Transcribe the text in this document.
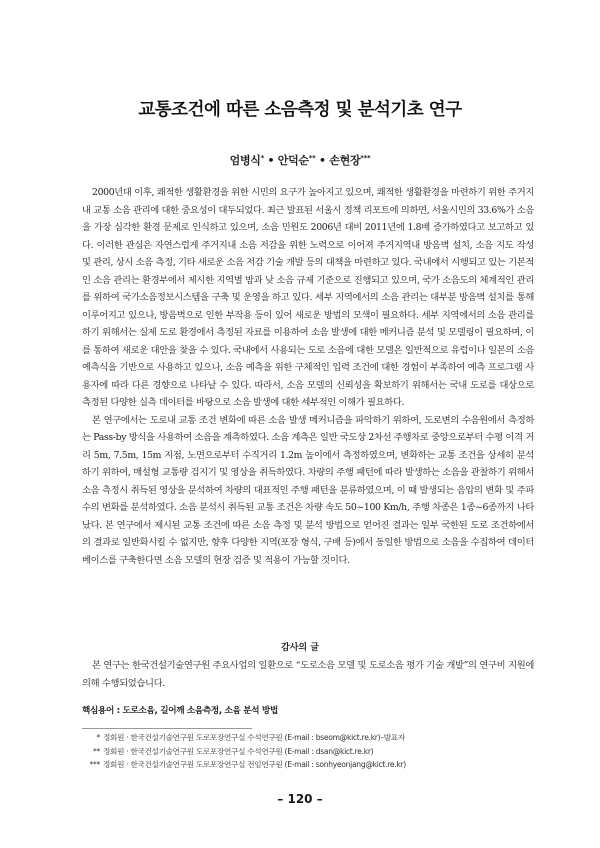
교통조건에 따른 소음측정 및 분석기초 연구
엄병식* • 안덕순** • 손현장***

2000년대 이후, 쾌적한 생활환경을 위한 시민의 요구가 높아지고 있으며, 쾌적한 생활환경을 마련하기 위한 주거지내 교통 소음 관리에 대한 중요성이 대두되었다. 최근 발표된 서울시 정책 리포트에 의하면, 서울시민의 33.6%가 소음을 가장 심각한 환경 문제로 인식하고 있으며, 소음 민원도 2006년 대비 2011년에 1.8배 증가하였다고 보고하고 있다. 이러한 관심은 자연스럽게 주거지내 소음 저감을 위한 노력으로 이어져 주거지역내 방음벽 설치, 소음 지도 작성 및 관리, 상시 소음 측정, 기타 새로운 소음 저감 기술 개발 등의 대책을 마련하고 있다. 국내에서 시행되고 있는 기본적인 소음 관리는 환경부에서 제시한 지역별 밤과 낮 소음 규제 기준으로 진행되고 있으며, 국가 소음도의 체계적인 관리를 위하여 국가소음정보시스템을 구축 및 운영을 하고 있다. 세부 지역에서의 소음 관리는 대부분 방음벽 설치를 통해 이루어지고 있으나, 방음벽으로 인한 부작용 등이 있어 새로운 방법의 모색이 필요하다. 세부 지역에서의 소음 관리를 하기 위해서는 실제 도로 환경에서 측정된 자료를 이용하여 소음 발생에 대한 메커니즘 분석 및 모델링이 필요하며, 이를 통하여 새로운 대안을 찾을 수 있다. 국내에서 사용되는 도로 소음에 대한 모델은 일반적으로 유럽이나 일본의 소음 예측식을 기반으로 사용하고 있으나, 소음 예측을 위한 구체적인 입력 조건에 대한 경험이 부족하여 예측 프로그램 사용자에 따라 다른 경향으로 나타날 수 있다. 따라서, 소음 모델의 신뢰성을 확보하기 위해서는 국내 도로를 대상으로 측정된 다양한 실측 데이터를 바탕으로 소음 발생에 대한 세부적인 이해가 필요하다.

본 연구에서는 도로내 교통 조건 변화에 따른 소음 발생 메커니즘을 파악하기 위하여, 도로변의 수음원에서 측정하는 Pass-by 방식을 사용하여 소음을 계측하였다. 소음 계측은 일반 국도상 2차선 주행차로 중앙으로부터 수평 이격 거리 5m, 7.5m, 15m 지점, 노면으로부터 수직거리 1.2m 높이에서 측정하였으며, 변화하는 교통 조건을 상세히 분석하기 위하여, 매설형 교통량 검지기 및 영상을 취득하였다. 차량의 주행 패턴에 따라 발생하는 소음을 관찰하기 위해서 소음 측정시 취득된 영상을 분석하여 차량의 대표적인 주행 패턴을 분류하였으며, 이 때 발생되는 음압의 변화 및 주파수의 변화를 분석하였다. 소음 분석시 취득된 교통 조건은 차량 속도 50~100 Km/h, 주행 차종은 1종~6종까지 나타났다. 본 연구에서 제시된 교통 조건에 따른 소음 측정 및 분석 방법으로 얻어진 결과는 일부 국한된 도로 조건하에서의 결과로 일반화시킬 수 없지만, 향후 다양한 지역(포장 형식, 구배 등)에서 동일한 방법으로 소음을 수집하여 데이터베이스를 구축한다면 소음 모델의 현장 검증 및 적용이 가능할 것이다.

감사의 글

본 연구는 한국건설기술연구원 주요사업의 일환으로 “도로소음 모델 및 도로소음 평가 기술 개발”의 연구비 지원에 의해 수행되었습니다.

핵심용어 : 도로소음, 길어깨 소음측정, 소음 분석 방법
* 정회원 · 한국건설기술연구원 도로포장연구실 수석연구원 (E-mail : bseom@kict.re.kr)–발표자
** 정회원 · 한국건설기술연구원 도로포장연구실 수석연구원 (E-mail : dsan@kict.re.kr)
*** 정회원 · 한국건설기술연구원 도로포장연구실 전임연구원 (E-mail : sonhyeonjang@kict.re.kr)
– 120 –
